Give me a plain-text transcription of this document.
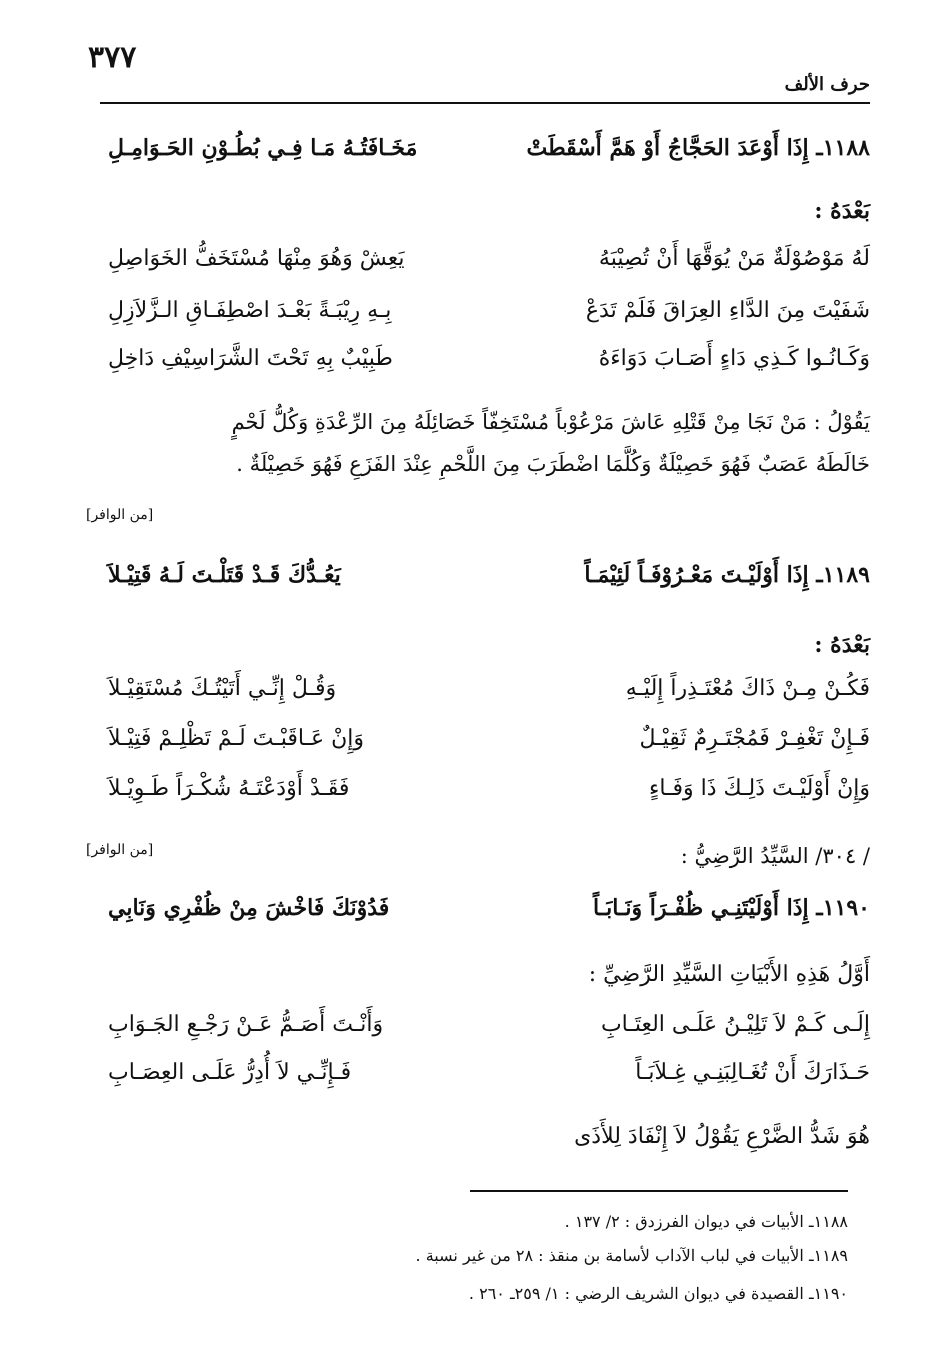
٣٧٧
حرف الألف
١١٨٨ـ إِذَا أَوْعَدَ الحَجَّاجُ أَوْ هَمَّ أَسْقَطَتْ
مَخَـافَتُـهُ مَـا فِـي بُطُـوْنِ الحَـوَامِـلِ
بَعْدَهُ :
لَهُ مَوْصُوْلَةٌ مَنْ يُوَقَّهَا أَنْ تُصِيْبَهُ
يَعِشْ وَهُوَ مِنْهَا مُسْتَخَفُّ الخَوَاصِلِ
شَفَيْتَ مِنَ الدَّاءِ العِرَاقَ فَلَمْ تَدَعْ
بِـهِ رِيْبَـةً بَعْـدَ اصْطِفَـاقِ الـزَّلاَزِلِ
وَكَـانُـوا كَـذِي دَاءٍ أَصَـابَ دَوَاءَهُ
طَبِيْبٌ بِهِ تَحْتَ الشَّرَاسِيْفِ دَاخِلِ
يَقُوْلُ : مَنْ نَجَا مِنْ قَتْلِهِ عَاشَ مَرْعُوْباً مُسْتَخِفّاً خَصَائِلَهُ مِنَ الرِّعْدَةِ وَكُلُّ لَحْمٍ
خَالَطَهُ عَصَبٌ فَهُوَ خَصِيْلَةٌ وَكُلَّمَا اضْطَرَبَ مِنَ اللَّحْمِ عِنْدَ الفَزَعِ فَهُوَ خَصِيْلَةٌ .
[من الوافر]
١١٨٩ـ إِذَا أَوْلَيْـتَ مَعْـرُوْفَـاً لَئِيْمَـاً
يَعُـدُّكَ قَـدْ قَتَلْـتَ لَـهُ قَتِيْـلاَ
بَعْدَهُ :
فَكُـنْ مِـنْ ذَاكَ مُعْتَـذِراً إِلَيْـهِ
وَقُـلْ إِنِّـي أَتَيْتُـكَ مُسْتَقِيْـلاَ
فَـإِنْ تَغْفِـرْ فَمُجْتَـرِمٌ ثَقِيْـلٌ
وَإِنْ عَـاقَبْـتَ لَـمْ تَظْلِـمْ فَتِيْـلاَ
وَإِنْ أَوْلَيْـتَ ذَلِـكَ ذَا وَفَـاءٍ
فَقَـدْ أَوْدَعْتَـهُ شُكْـرَاً طَـوِيْـلاَ
/ ٣٠٤/ السَّيِّدُ الرَّضِيُّ :
[من الوافر]
١١٩٠ـ إِذَا أَوْلَيْتَنِـي ظُفْـرَاً وَنَـابَـاً
فَدُوْنَكَ فَاخْشَ مِنْ ظُفْرِي وَنَابِي
أَوَّلُ هَذِهِ الأَبْيَاتِ السَّيِّدِ الرَّضِيِّ :
إِلَـى كَـمْ لاَ تَلِيْـنُ عَلَـى العِتَـابِ
وَأَنْـتَ أَصَـمُّ عَـنْ رَجْـعِ الجَـوَابِ
حَـذَارَكَ أَنْ تُغَـالِبَنِـي غِـلاَبَـاً
فَـإِنِّـي لاَ أُدِرُّ عَلَـى العِصَـابِ
هُوَ شَدُّ الضَّرْعِ يَقُوْلُ لاَ إِنْفَادَ لِلأَذَى
١١٨٨ـ الأبيات في ديوان الفرزدق : ٢/ ١٣٧ .
١١٨٩ـ الأبيات في لباب الآداب لأسامة بن منقذ : ٢٨ من غير نسبة .
١١٩٠ـ القصيدة في ديوان الشريف الرضي : ١/ ٢٥٩ـ ٢٦٠ .
